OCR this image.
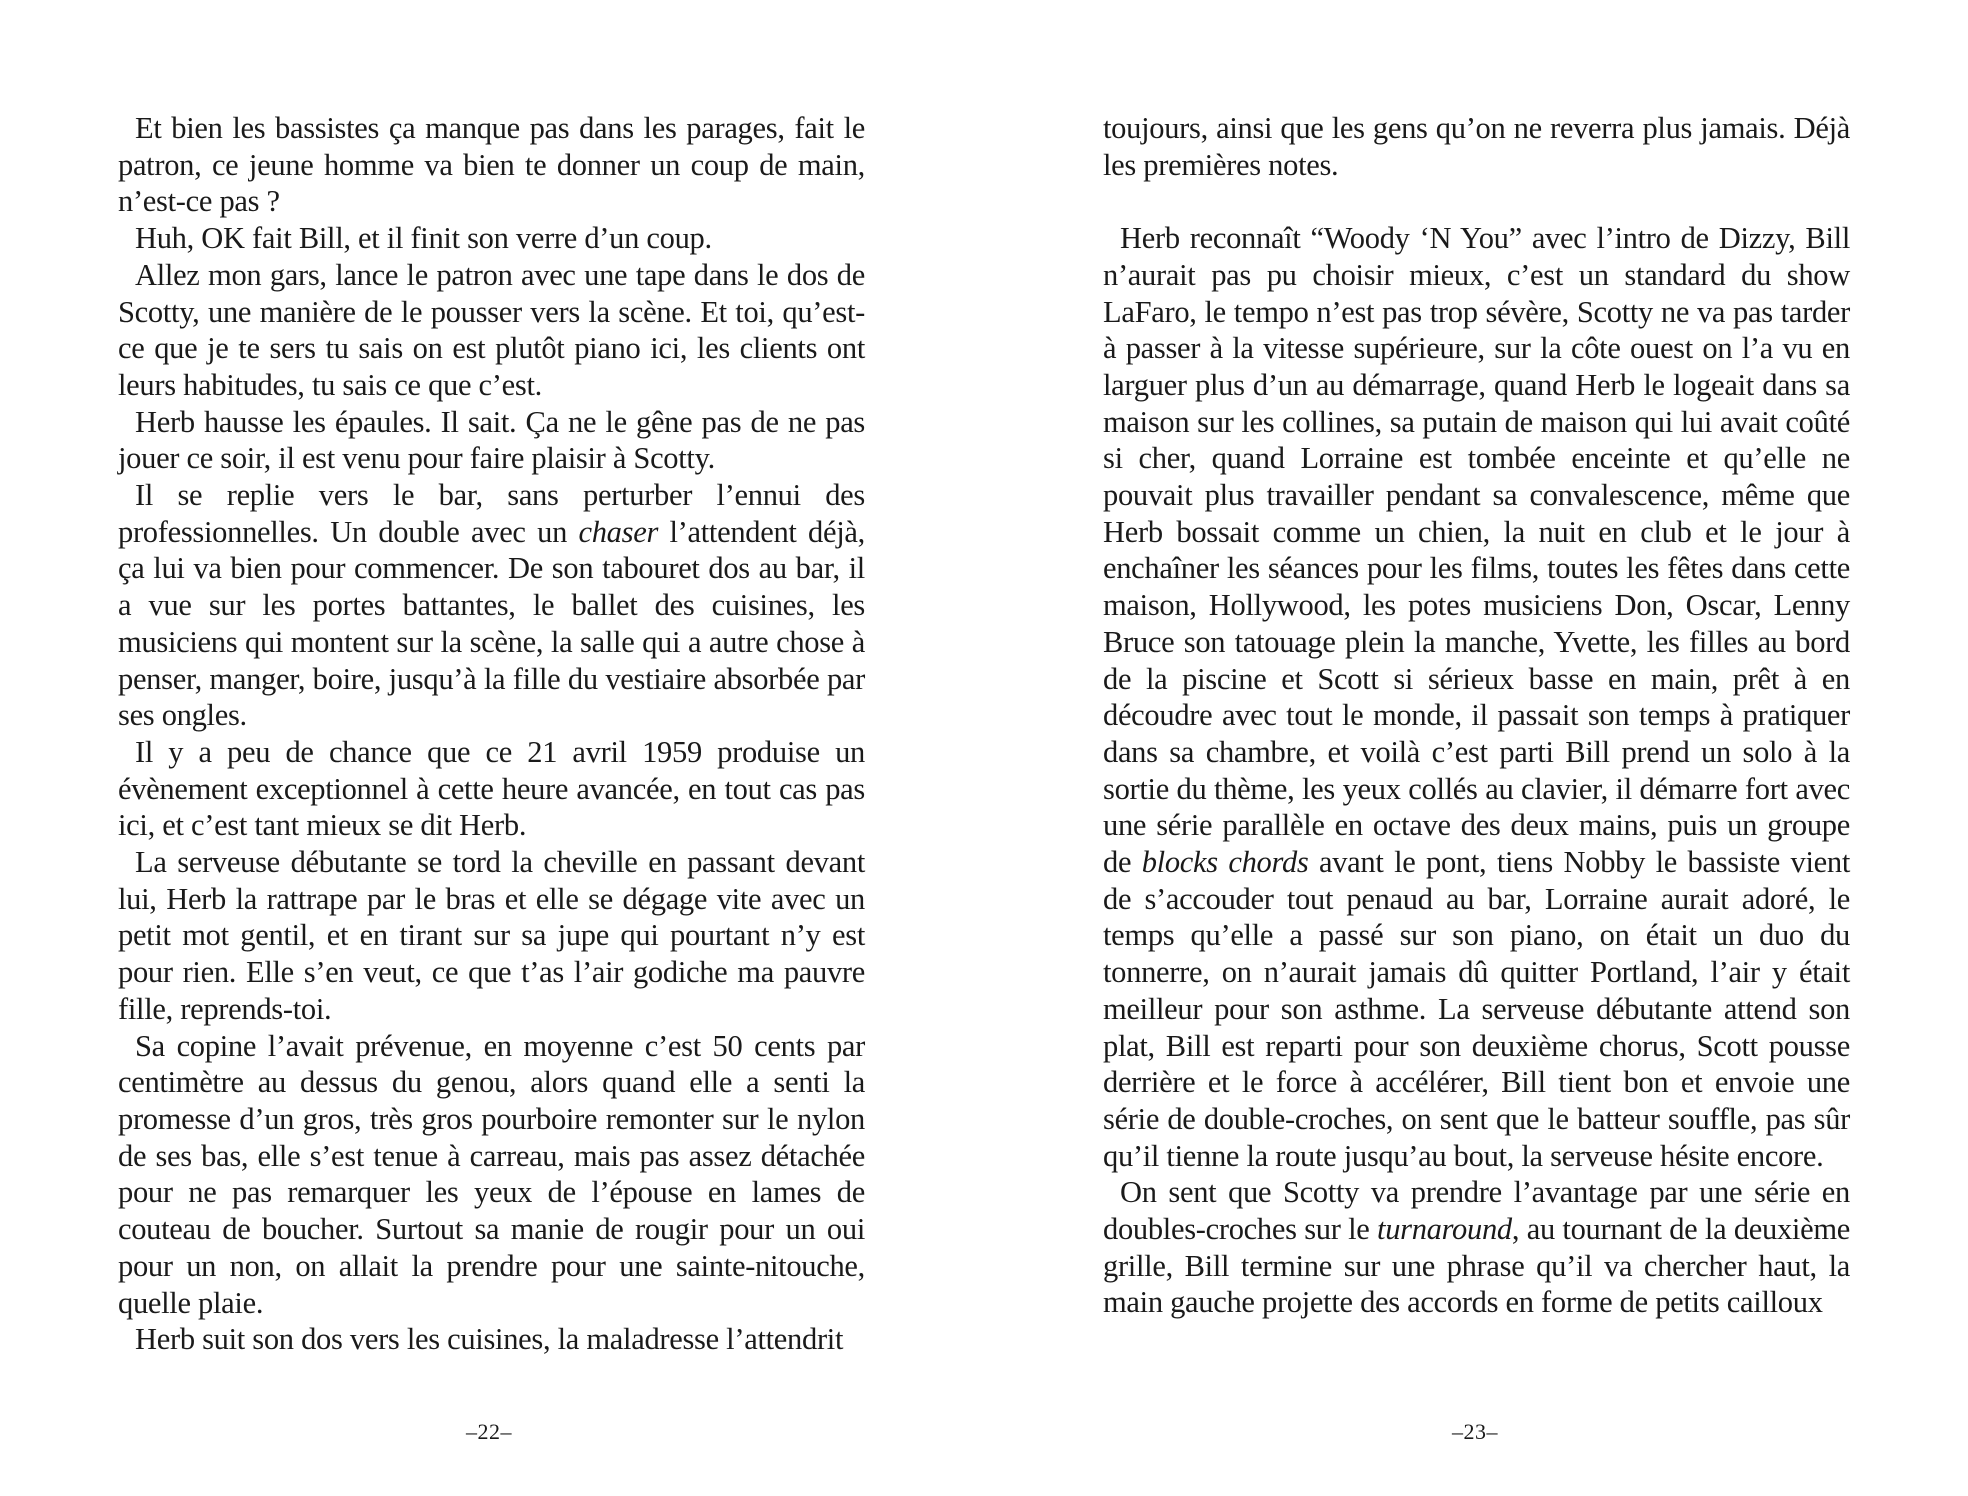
Et bien les bassistes ça manque pas dans les parages, fait le patron, ce jeune homme va bien te donner un coup de main, n’est-ce pas ?

Huh, OK fait Bill, et il finit son verre d’un coup.

Allez mon gars, lance le patron avec une tape dans le dos de Scotty, une manière de le pousser vers la scène. Et toi, qu’est-ce que je te sers tu sais on est plutôt piano ici, les clients ont leurs habitudes, tu sais ce que c’est.

Herb hausse les épaules. Il sait. Ça ne le gêne pas de ne pas jouer ce soir, il est venu pour faire plaisir à Scotty.

Il se replie vers le bar, sans perturber l’ennui des professionnelles. Un double avec un chaser l’attendent déjà, ça lui va bien pour commencer. De son tabouret dos au bar, il a vue sur les portes battantes, le ballet des cuisines, les musiciens qui montent sur la scène, la salle qui a autre chose à penser, manger, boire, jusqu’à la fille du vestiaire absorbée par ses ongles.

Il y a peu de chance que ce 21 avril 1959 produise un évènement exceptionnel à cette heure avancée, en tout cas pas ici, et c’est tant mieux se dit Herb.

La serveuse débutante se tord la cheville en passant devant lui, Herb la rattrape par le bras et elle se dégage vite avec un petit mot gentil, et en tirant sur sa jupe qui pourtant n’y est pour rien. Elle s’en veut, ce que t’as l’air godiche ma pauvre fille, reprends-toi.

Sa copine l’avait prévenue, en moyenne c’est 50 cents par centimètre au dessus du genou, alors quand elle a senti la promesse d’un gros, très gros pourboire remonter sur le nylon de ses bas, elle s’est tenue à carreau, mais pas assez détachée pour ne pas remarquer les yeux de l’épouse en lames de couteau de boucher. Surtout sa manie de rougir pour un oui pour un non, on allait la prendre pour une sainte-nitouche, quelle plaie.

Herb suit son dos vers les cuisines, la maladresse l’attendrit

–22–

toujours, ainsi que les gens qu’on ne reverra plus jamais. Déjà les premières notes.

Herb reconnaît “Woody ‘N You” avec l’intro de Dizzy, Bill n’aurait pas pu choisir mieux, c’est un standard du show LaFaro, le tempo n’est pas trop sévère, Scotty ne va pas tarder à passer à la vitesse supérieure, sur la côte ouest on l’a vu en larguer plus d’un au démarrage, quand Herb le logeait dans sa maison sur les collines, sa putain de maison qui lui avait coûté si cher, quand Lorraine est tombée enceinte et qu’elle ne pouvait plus travailler pendant sa convalescence, même que Herb bossait comme un chien, la nuit en club et le jour à enchaîner les séances pour les films, toutes les fêtes dans cette maison, Hollywood, les potes musiciens Don, Oscar, Lenny Bruce son tatouage plein la manche, Yvette, les filles au bord de la piscine et Scott si sérieux basse en main, prêt à en découdre avec tout le monde, il passait son temps à pratiquer dans sa chambre, et voilà c’est parti Bill prend un solo à la sortie du thème, les yeux collés au clavier, il démarre fort avec une série parallèle en octave des deux mains, puis un groupe de blocks chords avant le pont, tiens Nobby le bassiste vient de s’accouder tout penaud au bar, Lorraine aurait adoré, le temps qu’elle a passé sur son piano, on était un duo du tonnerre, on n’aurait jamais dû quitter Portland, l’air y était meilleur pour son asthme. La serveuse débutante attend son plat, Bill est reparti pour son deuxième chorus, Scott pousse derrière et le force à accélérer, Bill tient bon et envoie une série de double-croches, on sent que le batteur souffle, pas sûr qu’il tienne la route jusqu’au bout, la serveuse hésite encore.

On sent que Scotty va prendre l’avantage par une série en doubles-croches sur le turnaround, au tournant de la deuxième grille, Bill termine sur une phrase qu’il va chercher haut, la main gauche projette des accords en forme de petits cailloux

–23–
